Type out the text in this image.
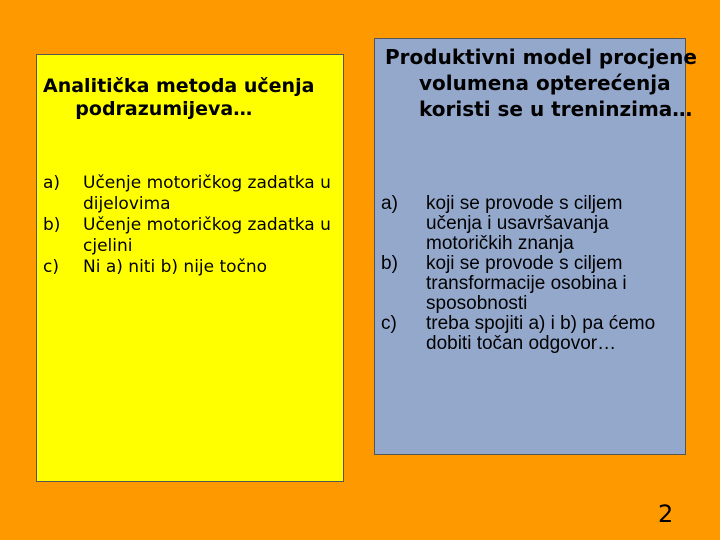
Analitička metoda učenja podrazumijeva…

a) Učenje motoričkog zadatka u dijelovima
b) Učenje motoričkog zadatka u cjelini
c) Ni a) niti b) nije točno

Produktivni model procjene volumena opterećenja koristi se u treninzima…

a) koji se provode s ciljem učenja i usavršavanja motoričkih znanja
b) koji se provode s ciljem transformacije osobina i sposobnosti
c) treba spojiti a) i b) pa ćemo dobiti točan odgovor…
2
